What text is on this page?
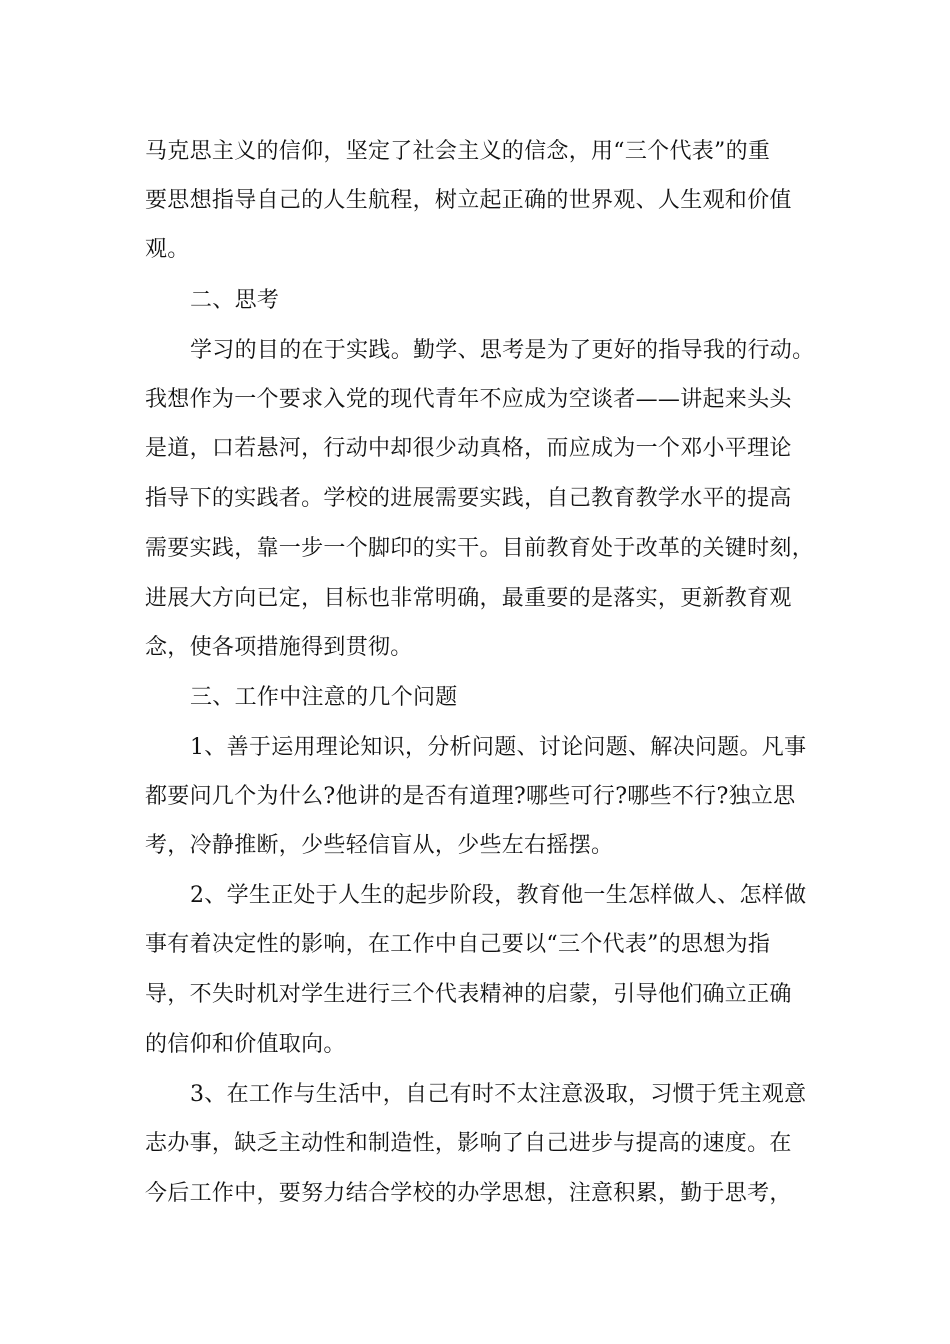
马克思主义的信仰，坚定了社会主义的信念，用“三个代表”的重
要思想指导自己的人生航程，树立起正确的世界观、人生观和价值
观。
二、思考
学习的目的在于实践。勤学、思考是为了更好的指导我的行动。
我想作为一个要求入党的现代青年不应成为空谈者——讲起来头头
是道，口若悬河，行动中却很少动真格，而应成为一个邓小平理论
指导下的实践者。学校的进展需要实践，自己教育教学水平的提高
需要实践，靠一步一个脚印的实干。目前教育处于改革的关键时刻，
进展大方向已定，目标也非常明确，最重要的是落实，更新教育观
念，使各项措施得到贯彻。
三、工作中注意的几个问题
1、善于运用理论知识，分析问题、讨论问题、解决问题。凡事
都要问几个为什么?他讲的是否有道理?哪些可行?哪些不行?独立思
考，冷静推断，少些轻信盲从，少些左右摇摆。
2、学生正处于人生的起步阶段，教育他一生怎样做人、怎样做
事有着决定性的影响，在工作中自己要以“三个代表”的思想为指
导，不失时机对学生进行三个代表精神的启蒙，引导他们确立正确
的信仰和价值取向。
3、在工作与生活中，自己有时不太注意汲取，习惯于凭主观意
志办事，缺乏主动性和制造性，影响了自己进步与提高的速度。在
今后工作中，要努力结合学校的办学思想，注意积累，勤于思考，
